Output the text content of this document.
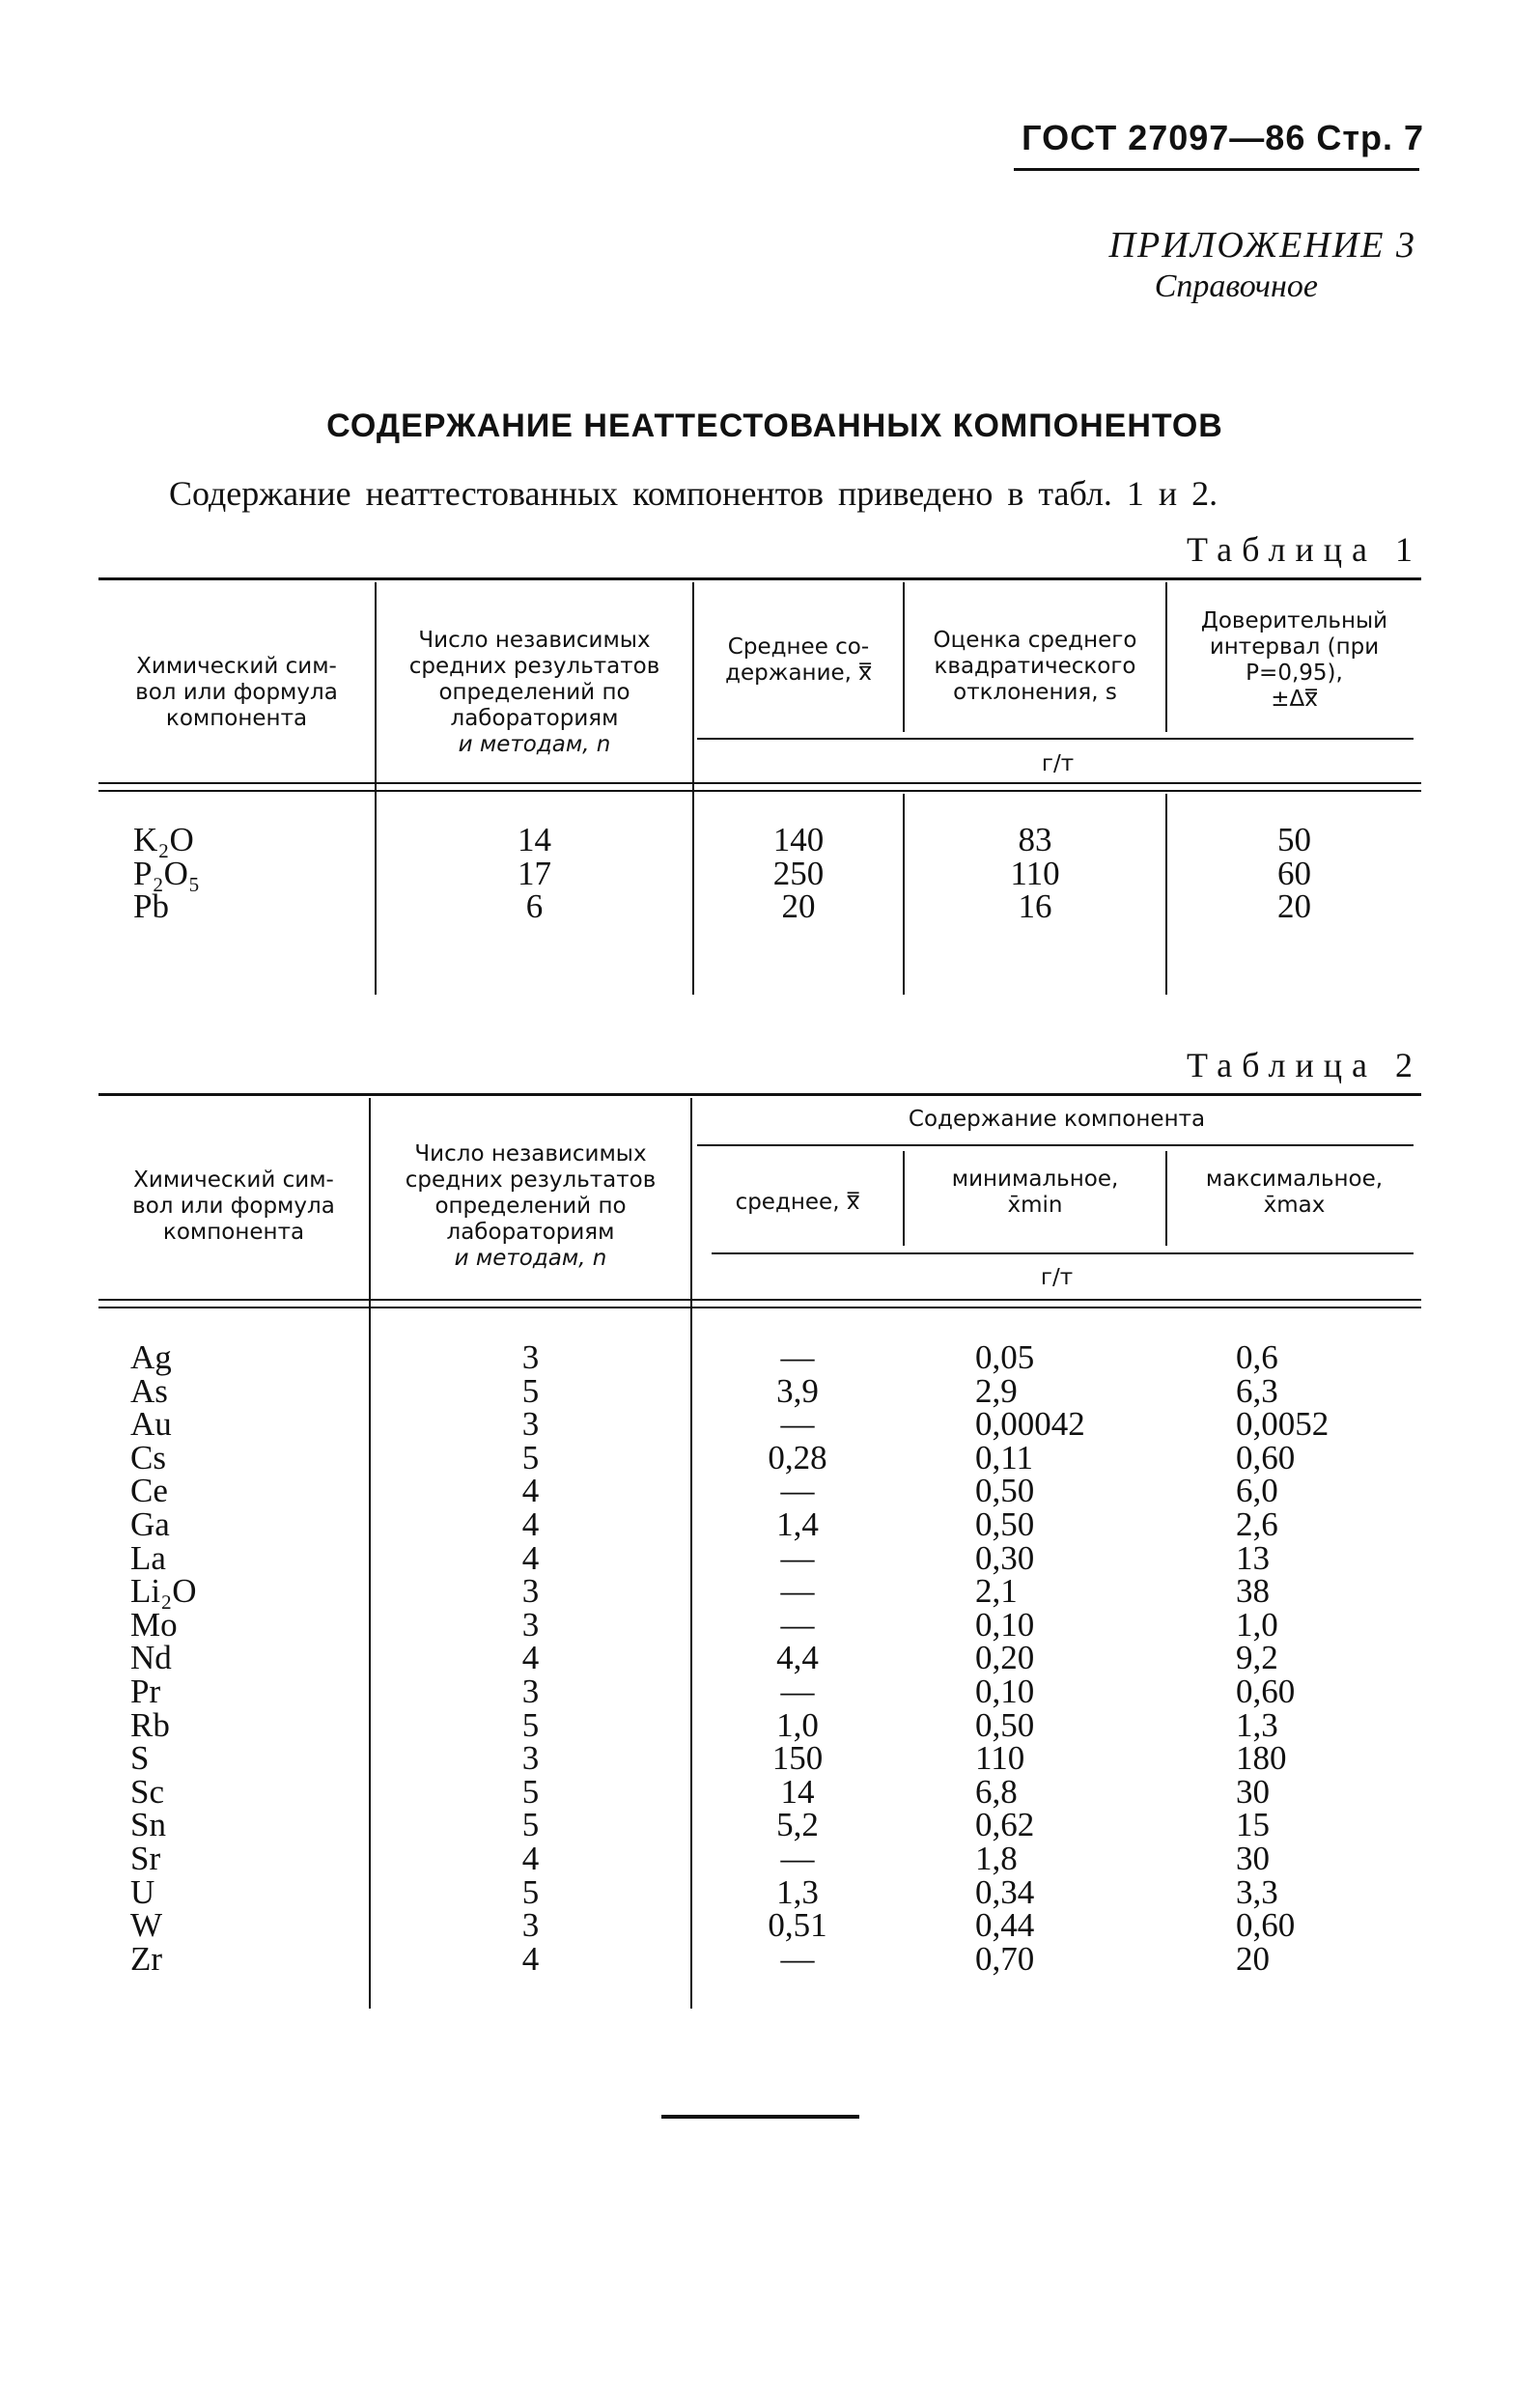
ГОСТ 27097—86 Стр. 7
ПРИЛОЖЕНИЕ 3
Справочное
СОДЕРЖАНИЕ НЕАТТЕСТОВАННЫХ КОМПОНЕНТОВ
Содержание неаттестованных компонентов приведено в табл. 1 и 2.
Таблица 1
Химический сим-
вол или формула
компонента
Число независимых
средних результатов
определений по
лабораториям
и методам, n
Среднее со-
держание, x̿
Оценка среднего
квадратического
отклонения, s
Доверительный
интервал (при
P=0,95),
±Δx̿
г/т
K₂O
P₂O₅
Pb
14
17
6
140
250
20
83
110
16
50
60
20
Таблица 2
Химический сим-
вол или формула
компонента
Число независимых
средних результатов
определений по
лабораториям
и методам, n
Содержание компонента
среднее, x̿
минимальное,
x̄min
максимальное,
x̄max
г/т
Ag
As
Au
Cs
Ce
Ga
La
Li₂O
Mo
Nd
Pr
Rb
S
Sc
Sn
Sr
U
W
Zr
3
5
3
5
4
4
4
3
3
4
3
5
3
5
5
4
5
3
4
—
3,9
—
0,28
—
1,4
—
—
—
4,4
—
1,0
150
14
5,2
—
1,3
0,51
—
0,05
2,9
0,00042
0,11
0,50
0,50
0,30
2,1
0,10
0,20
0,10
0,50
110
6,8
0,62
1,8
0,34
0,44
0,70
0,6
6,3
0,0052
0,60
6,0
2,6
13
38
1,0
9,2
0,60
1,3
180
30
15
30
3,3
0,60
20
